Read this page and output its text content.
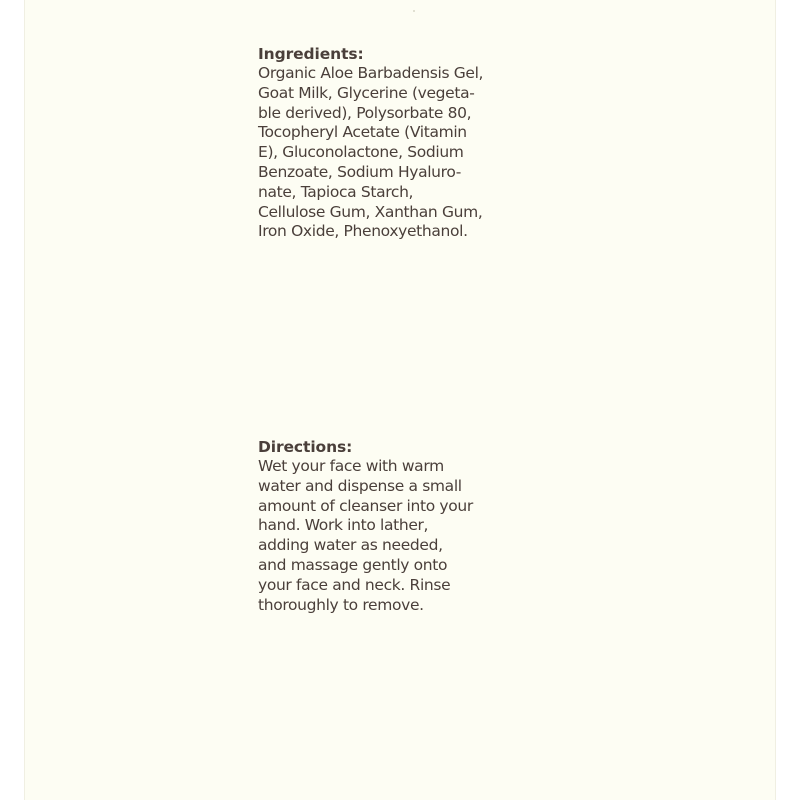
Ingredients:

Organic Aloe Barbadensis Gel,
Goat Milk, Glycerine (vegeta-
ble derived), Polysorbate 80,
Tocopheryl Acetate (Vitamin
E), Gluconolactone, Sodium
Benzoate, Sodium Hyaluro-
nate, Tapioca Starch,
Cellulose Gum, Xanthan Gum,
Iron Oxide, Phenoxyethanol.

Directions:

Wet your face with warm
water and dispense a small
amount of cleanser into your
hand. Work into lather,
adding water as needed,
and massage gently onto
your face and neck. Rinse
thoroughly to remove.
